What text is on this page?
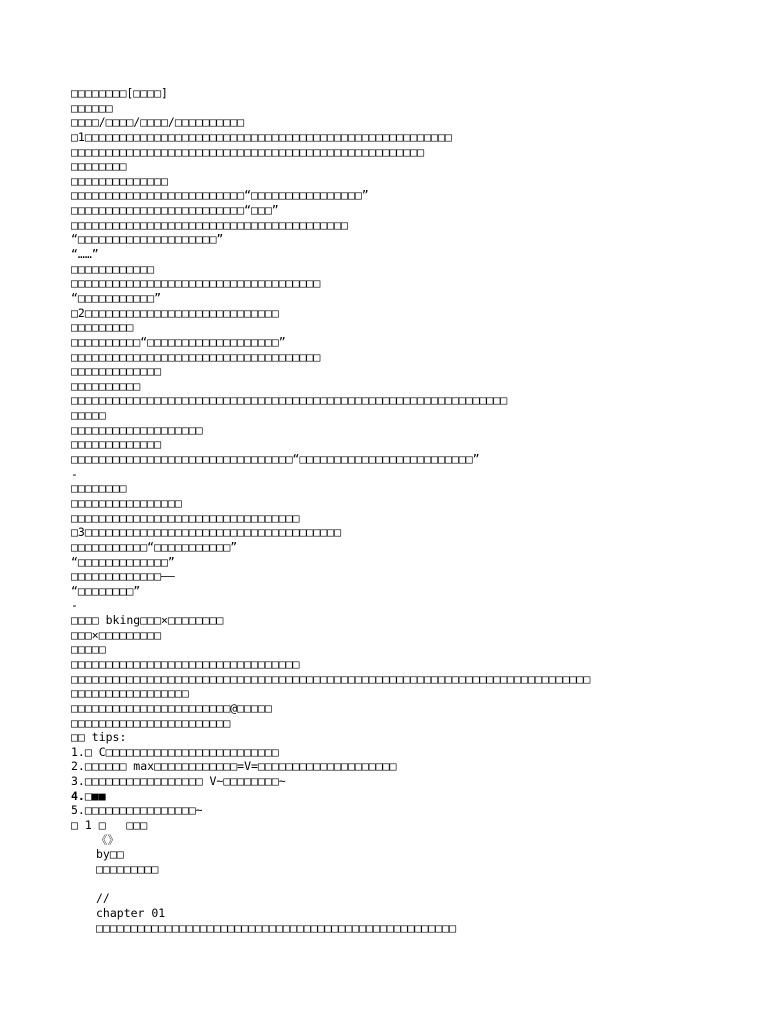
□□□□□□□□[□□□□]
□□□□□□
□□□□/□□□□/□□□□/□□□□□□□□□□
□1□□□□□□□□□□□□□□□□□□□□□□□□□□□□□□□□□□□□□□□□□□□□□□□□□□□□□
□□□□□□□□□□□□□□□□□□□□□□□□□□□□□□□□□□□□□□□□□□□□□□□□□□□
□□□□□□□□
□□□□□□□□□□□□□□
□□□□□□□□□□□□□□□□□□□□□□□□□“□□□□□□□□□□□□□□□□”
□□□□□□□□□□□□□□□□□□□□□□□□□“□□□”
□□□□□□□□□□□□□□□□□□□□□□□□□□□□□□□□□□□□□□□□
“□□□□□□□□□□□□□□□□□□□□”
“……”
□□□□□□□□□□□□
□□□□□□□□□□□□□□□□□□□□□□□□□□□□□□□□□□□□
“□□□□□□□□□□□”
□2□□□□□□□□□□□□□□□□□□□□□□□□□□□□
□□□□□□□□□
□□□□□□□□□□“□□□□□□□□□□□□□□□□□□□”
□□□□□□□□□□□□□□□□□□□□□□□□□□□□□□□□□□□□
□□□□□□□□□□□□□
□□□□□□□□□□
□□□□□□□□□□□□□□□□□□□□□□□□□□□□□□□□□□□□□□□□□□□□□□□□□□□□□□□□□□□□□□□
□□□□□
□□□□□□□□□□□□□□□□□□□
□□□□□□□□□□□□□
□□□□□□□□□□□□□□□□□□□□□□□□□□□□□□□□“□□□□□□□□□□□□□□□□□□□□□□□□□”
-
□□□□□□□□
□□□□□□□□□□□□□□□□
□□□□□□□□□□□□□□□□□□□□□□□□□□□□□□□□□
□3□□□□□□□□□□□□□□□□□□□□□□□□□□□□□□□□□□□□□
□□□□□□□□□□□“□□□□□□□□□□□”
“□□□□□□□□□□□□□”
□□□□□□□□□□□□□——
“□□□□□□□□”
-
□□□□ bking□□□×□□□□□□□□
□□□×□□□□□□□□□
□□□□□
□□□□□□□□□□□□□□□□□□□□□□□□□□□□□□□□□
□□□□□□□□□□□□□□□□□□□□□□□□□□□□□□□□□□□□□□□□□□□□□□□□□□□□□□□□□□□□□□□□□□□□□□□□□□□
□□□□□□□□□□□□□□□□□
□□□□□□□□□□□□□□□□□□□□□□□@□□□□□
□□□□□□□□□□□□□□□□□□□□□□□
□□ tips:
1.□ C□□□□□□□□□□□□□□□□□□□□□□□□□
2.□□□□□□ max□□□□□□□□□□□□=V=□□□□□□□□□□□□□□□□□□□□
3.□□□□□□□□□□□□□□□□□ V~□□□□□□□□~
4.□■■
5.□□□□□□□□□□□□□□□□~
□ 1 □   □□□
《》
by□□
□□□□□□□□□
//
chapter 01
□□□□□□□□□□□□□□□□□□□□□□□□□□□□□□□□□□□□□□□□□□□□□□□□□□□□
